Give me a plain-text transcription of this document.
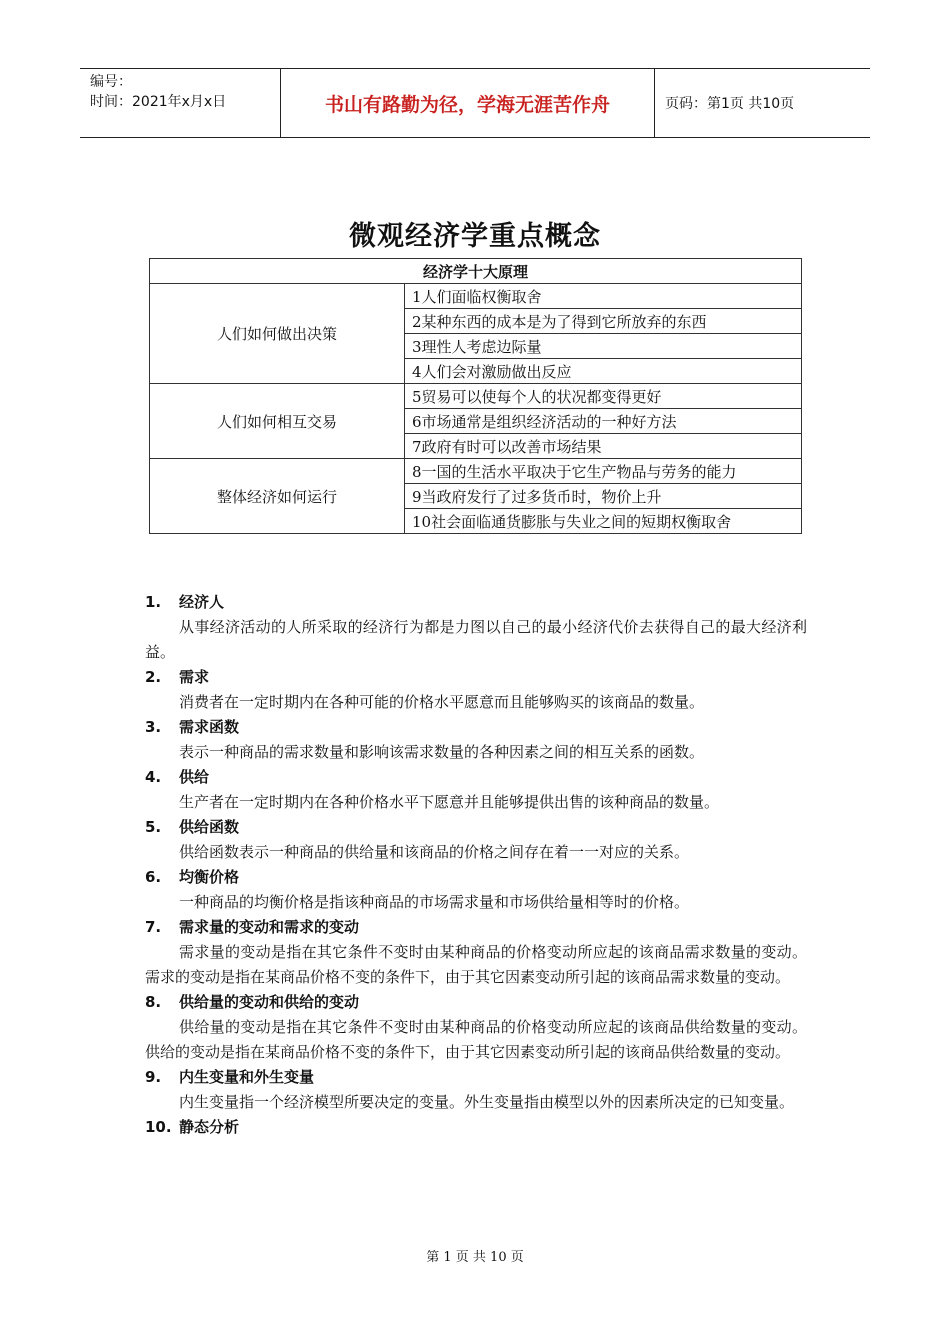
编号：
时间：2021年x月x日	书山有路勤为径，学海无涯苦作舟	页码：第1页 共10页
微观经济学重点概念
经济学十大原理	
人们如何做出决策	1人们面临权衡取舍
	2某种东西的成本是为了得到它所放弃的东西
	3理性人考虑边际量
	4人们会对激励做出反应
人们如何相互交易	5贸易可以使每个人的状况都变得更好
	6市场通常是组织经济活动的一种好方法
	7政府有时可以改善市场结果
整体经济如何运行	8一国的生活水平取决于它生产物品与劳务的能力
	9当政府发行了过多货币时，物价上升
	10社会面临通货膨胀与失业之间的短期权衡取舍
1.	经济人
从事经济活动的人所采取的经济行为都是力图以自己的最小经济代价去获得自己的最大经济利益。
2.	需求
消费者在一定时期内在各种可能的价格水平愿意而且能够购买的该商品的数量。
3.	需求函数
表示一种商品的需求数量和影响该需求数量的各种因素之间的相互关系的函数。
4.	供给
生产者在一定时期内在各种价格水平下愿意并且能够提供出售的该种商品的数量。
5.	供给函数
供给函数表示一种商品的供给量和该商品的价格之间存在着一一对应的关系。
6.	均衡价格
一种商品的均衡价格是指该种商品的市场需求量和市场供给量相等时的价格。
7.	需求量的变动和需求的变动
需求量的变动是指在其它条件不变时由某种商品的价格变动所应起的该商品需求数量的变动。需求的变动是指在某商品价格不变的条件下，由于其它因素变动所引起的该商品需求数量的变动。
8.	供给量的变动和供给的变动
供给量的变动是指在其它条件不变时由某种商品的价格变动所应起的该商品供给数量的变动。供给的变动是指在某商品价格不变的条件下，由于其它因素变动所引起的该商品供给数量的变动。
9.	内生变量和外生变量
内生变量指一个经济模型所要决定的变量。外生变量指由模型以外的因素所决定的已知变量。
10. 静态分析
第 1 页 共 10 页
